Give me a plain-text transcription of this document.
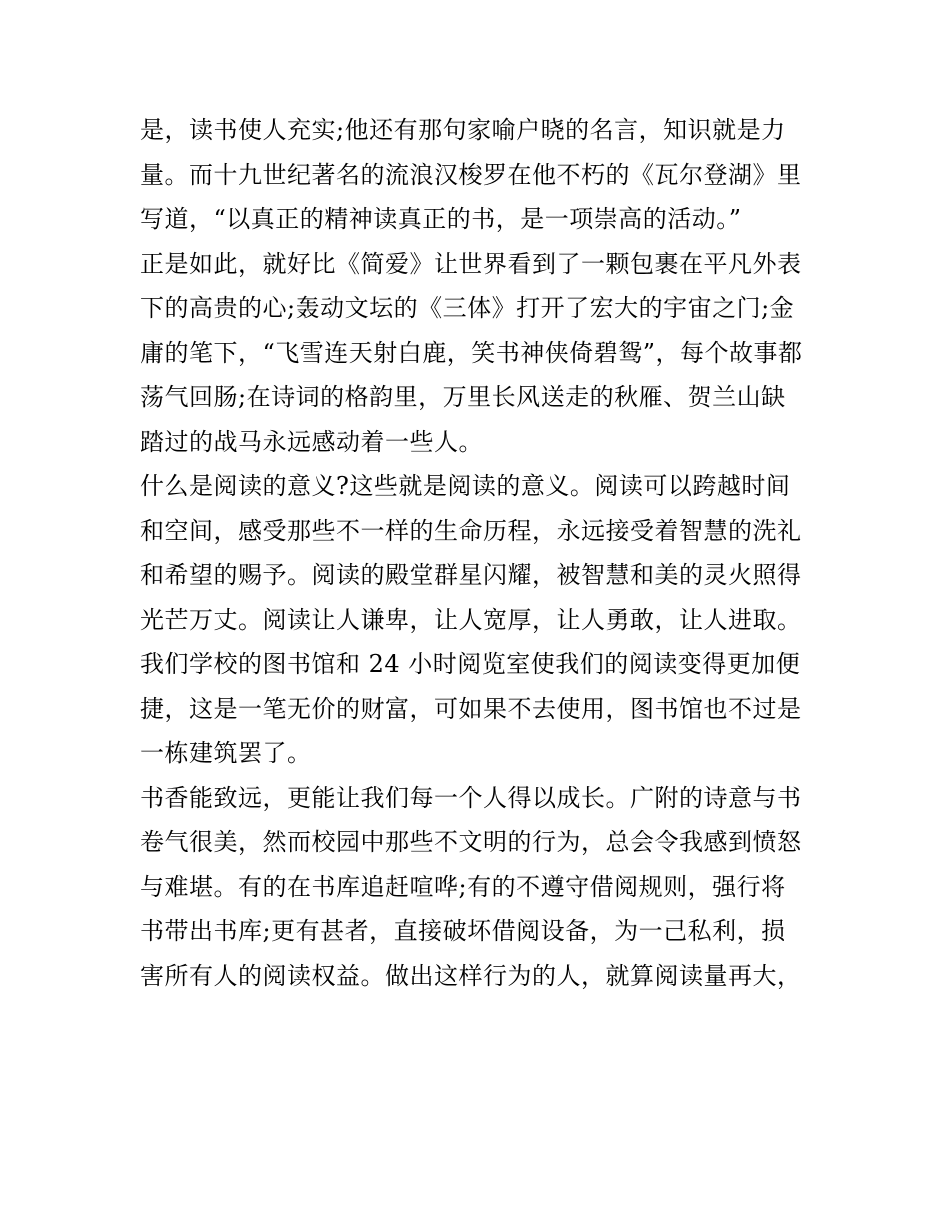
是，读书使人充实;他还有那句家喻户晓的名言，知识就是力
量。而十九世纪著名的流浪汉梭罗在他不朽的《瓦尔登湖》里
写道，“以真正的精神读真正的书，是一项崇高的活动。”
正是如此，就好比《简爱》让世界看到了一颗包裹在平凡外表
下的高贵的心;轰动文坛的《三体》打开了宏大的宇宙之门;金
庸的笔下，“飞雪连天射白鹿，笑书神侠倚碧鸳”，每个故事都
荡气回肠;在诗词的格韵里，万里长风送走的秋雁、贺兰山缺
踏过的战马永远感动着一些人。
什么是阅读的意义?这些就是阅读的意义。阅读可以跨越时间
和空间，感受那些不一样的生命历程，永远接受着智慧的洗礼
和希望的赐予。阅读的殿堂群星闪耀，被智慧和美的灵火照得
光芒万丈。阅读让人谦卑，让人宽厚，让人勇敢，让人进取。
我们学校的图书馆和 24 小时阅览室使我们的阅读变得更加便
捷，这是一笔无价的财富，可如果不去使用，图书馆也不过是
一栋建筑罢了。
书香能致远，更能让我们每一个人得以成长。广附的诗意与书
卷气很美，然而校园中那些不文明的行为，总会令我感到愤怒
与难堪。有的在书库追赶喧哗;有的不遵守借阅规则，强行将
书带出书库;更有甚者，直接破坏借阅设备，为一己私利，损
害所有人的阅读权益。做出这样行为的人，就算阅读量再大，
